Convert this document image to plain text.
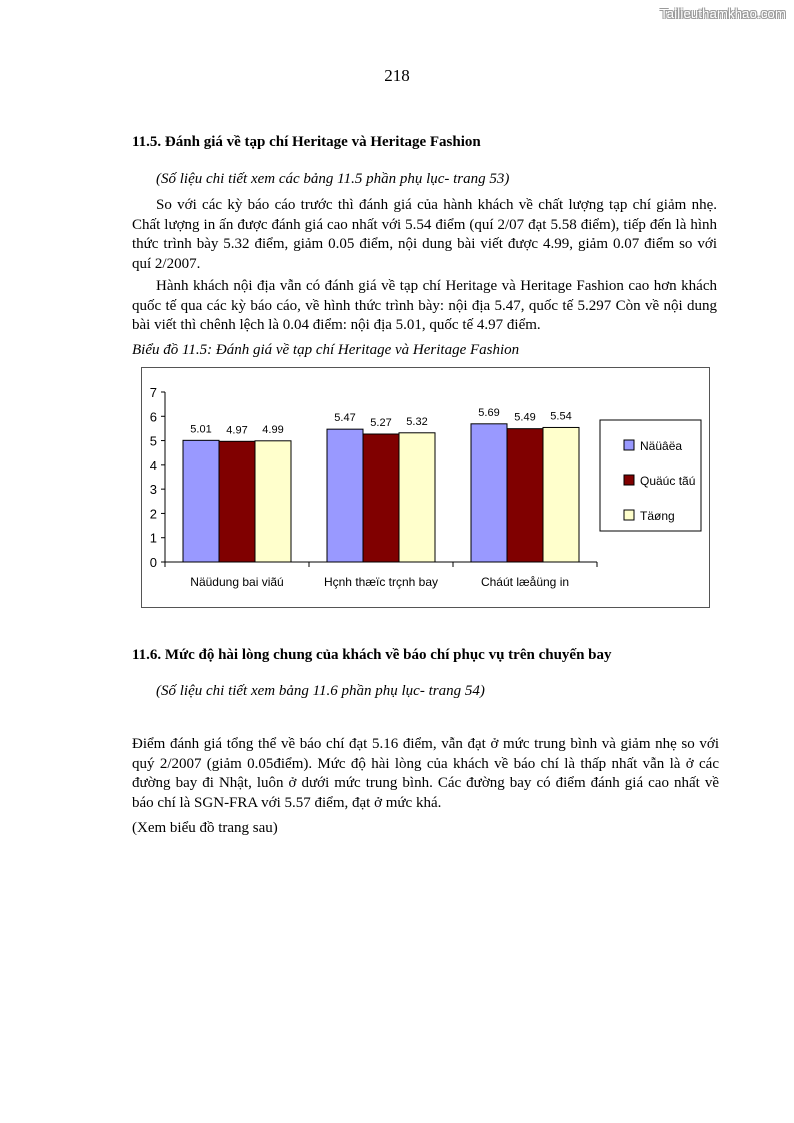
Tailieuthamkhao.com
218
11.5. Đánh giá về tạp chí Heritage và Heritage Fashion
(Số liệu chi tiết xem các bảng 11.5 phần phụ lục- trang 53)
So với các kỳ báo cáo trước thì đánh giá của hành khách về chất lượng tạp chí giảm nhẹ. Chất lượng in ấn được đánh giá cao nhất với 5.54 điểm (quí 2/07 đạt 5.58 điểm), tiếp đến là hình thức trình bày 5.32 điểm, giảm 0.05 điểm, nội dung bài viết được 4.99, giảm 0.07 điểm so với quí 2/2007.
Hành khách nội địa vẫn có đánh giá về tạp chí Heritage và Heritage Fashion cao hơn khách quốc tế qua các kỳ báo cáo, về hình thức trình bày: nội địa 5.47, quốc tế 5.297 Còn về nội dung bài viết thì chênh lệch là 0.04 điểm: nội địa 5.01, quốc tế 4.97 điểm.
Biểu đồ 11.5: Đánh giá về tạp chí Heritage và Heritage Fashion
0
1
2
3
4
5
6
7
5.01 4.97 4.99
Näüdung bai viãú
5.47 5.27 5.32
Hçnh thæïc trçnh bay
5.69 5.49 5.54
Cháút læåüng in
Näüâëa
Quäúc tãú
Täøng
11.6. Mức độ hài lòng chung của khách về báo chí phục vụ trên chuyến bay
(Số liệu chi tiết xem bảng 11.6 phần phụ lục- trang 54)
Điểm đánh giá tổng thể về báo chí đạt 5.16 điểm, vẫn đạt ở mức trung bình và giảm nhẹ so với quý 2/2007 (giảm 0.05điểm). Mức độ hài lòng của khách về báo chí là thấp nhất vẫn là ở các đường bay đi Nhật, luôn ở dưới mức trung bình. Các đường bay có điểm đánh giá cao nhất về báo chí là SGN-FRA với 5.57 điểm, đạt ở mức khá.
(Xem biểu đồ trang sau)
